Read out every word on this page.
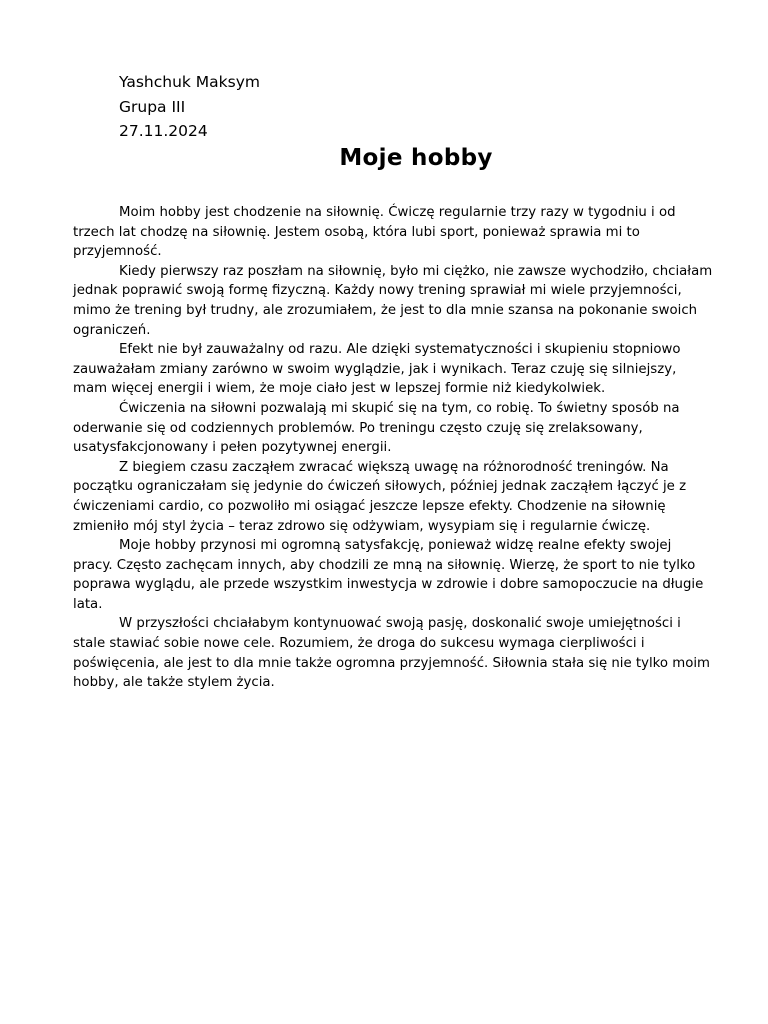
Yashchuk Maksym
Grupa III
27.11.2024
Moje hobby

Moim hobby jest chodzenie na siłownię. Ćwiczę regularnie trzy razy w tygodniu i od trzech lat chodzę na siłownię. Jestem osobą, która lubi sport, ponieważ sprawia mi to przyjemność.

Kiedy pierwszy raz poszłam na siłownię, było mi ciężko, nie zawsze wychodziło, chciałam jednak poprawić swoją formę fizyczną. Każdy nowy trening sprawiał mi wiele przyjemności, mimo że trening był trudny, ale zrozumiałem, że jest to dla mnie szansa na pokonanie swoich ograniczeń.

Efekt nie był zauważalny od razu. Ale dzięki systematyczności i skupieniu stopniowo zauważałam zmiany zarówno w swoim wyglądzie, jak i wynikach. Teraz czuję się silniejszy, mam więcej energii i wiem, że moje ciało jest w lepszej formie niż kiedykolwiek.

Ćwiczenia na siłowni pozwalają mi skupić się na tym, co robię. To świetny sposób na oderwanie się od codziennych problemów. Po treningu często czuję się zrelaksowany, usatysfakcjonowany i pełen pozytywnej energii.

Z biegiem czasu zacząłem zwracać większą uwagę na różnorodność treningów. Na początku ograniczałam się jedynie do ćwiczeń siłowych, później jednak zacząłem łączyć je z ćwiczeniami cardio, co pozwoliło mi osiągać jeszcze lepsze efekty. Chodzenie na siłownię zmieniło mój styl życia – teraz zdrowo się odżywiam, wysypiam się i regularnie ćwiczę.

Moje hobby przynosi mi ogromną satysfakcję, ponieważ widzę realne efekty swojej pracy. Często zachęcam innych, aby chodzili ze mną na siłownię. Wierzę, że sport to nie tylko poprawa wyglądu, ale przede wszystkim inwestycja w zdrowie i dobre samopoczucie na długie lata.

W przyszłości chciałabym kontynuować swoją pasję, doskonalić swoje umiejętności i stale stawiać sobie nowe cele. Rozumiem, że droga do sukcesu wymaga cierpliwości i poświęcenia, ale jest to dla mnie także ogromna przyjemność. Siłownia stała się nie tylko moim hobby, ale także stylem życia.
